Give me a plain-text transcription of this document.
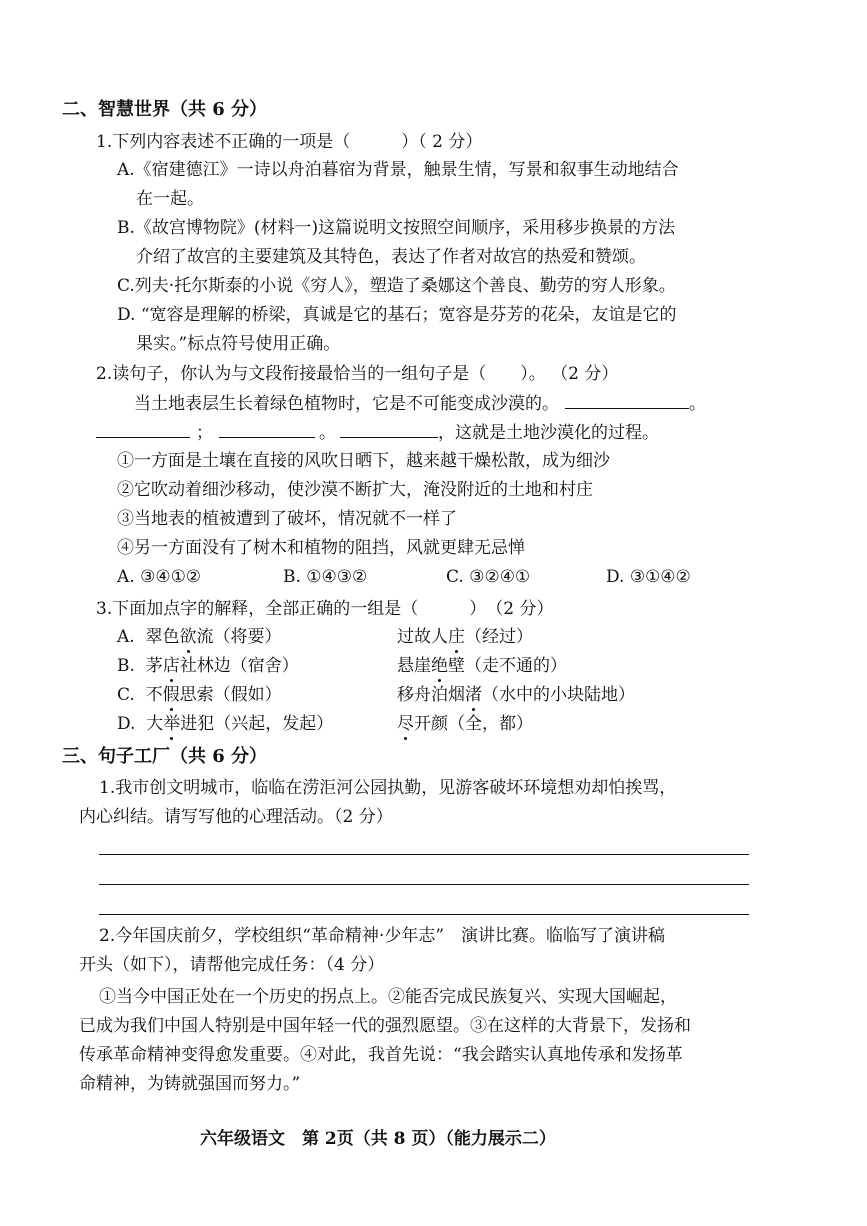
二、智慧世界（共 6 分）
1.下列内容表述不正确的一项是（　　　）（ 2 分）
A.《宿建德江》一诗以舟泊暮宿为背景，触景生情，写景和叙事生动地结合
在一起。
B.《故宫博物院》(材料一)这篇说明文按照空间顺序，采用移步换景的方法
介绍了故宫的主要建筑及其特色，表达了作者对故宫的热爱和赞颂。
C.列夫·托尔斯泰的小说《穷人》，塑造了桑娜这个善良、勤劳的穷人形象。
D. “宽容是理解的桥梁，真诚是它的基石；宽容是芬芳的花朵，友谊是它的
果实。”标点符号使用正确。
2.读句子，你认为与文段衔接最恰当的一组句子是（　　）。 （2 分）
当土地表层生长着绿色植物时，它是不可能变成沙漠的。	。
；	。	，这就是土地沙漠化的过程。
①一方面是土壤在直接的风吹日晒下，越来越干燥松散，成为细沙
②它吹动着细沙移动，使沙漠不断扩大，淹没附近的土地和村庄
③当地表的植被遭到了破坏，情况就不一样了
④另一方面没有了树木和植物的阻挡，风就更肆无忌惮
A. ③④①②	B. ①④③②	C. ③②④①	D. ③①④②
3.下面加点字的解释，全部正确的一组是（　　　）　（2 分）
A. 翠色欲流（将要）	过故人庄（经过）
B. 茅店社林边（宿舍）	悬崖绝壁（走不通的）
C. 不假思索（假如）	移舟泊烟渚（水中的小块陆地）
D. 大举进犯（兴起，发起）	尽开颜（全，都）
三、句子工厂（共 6 分）
1.我市创文明城市，临临在涝洰河公园执勤，见游客破坏环境想劝却怕挨骂，
内心纠结。请写写他的心理活动。（2 分）
2.今年国庆前夕，学校组织“革命精神·少年志”　演讲比赛。临临写了演讲稿
开头（如下），请帮他完成任务：（4 分）
①当今中国正处在一个历史的拐点上。②能否完成民族复兴、实现大国崛起，
已成为我们中国人特别是中国年轻一代的强烈愿望。③在这样的大背景下，发扬和
传承革命精神变得愈发重要。④对此，我首先说：“我会踏实认真地传承和发扬革
命精神，为铸就强国而努力。”
六年级语文　第 2页（共 8 页）（能力展示二）
